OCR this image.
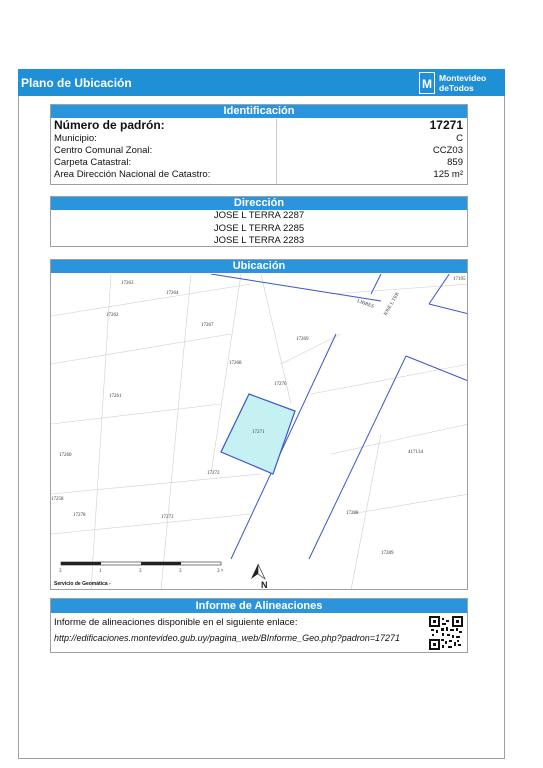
Plano de Ubicación	M Montevideo
deTodos
Identificación
Número de padrón:	17271
Municipio:	C
Centro Comunal Zonal:	CCZ03
Carpeta Catastral:	859
Area Dirección Nacional de Catastro:	125 m²
Dirección
JOSE L TERRA 2287
JOSE L TERRA 2285
JOSE L TERRA 2283
Ubicación
LIBRES JOSE L TER
17263
17264
17262
17267
17269
17268
17270
17261
17271
17260
17272
417134
17258
17278	17273
17288
17289
17195
3	1	3	3	3 ×
N
Servicio de Geomática -
Informe de Alineaciones
Informe de alineaciones disponible en el siguiente enlace:
http://edificaciones.montevideo.gub.uy/pagina_web/BInforme_Geo.php?padron=17271
